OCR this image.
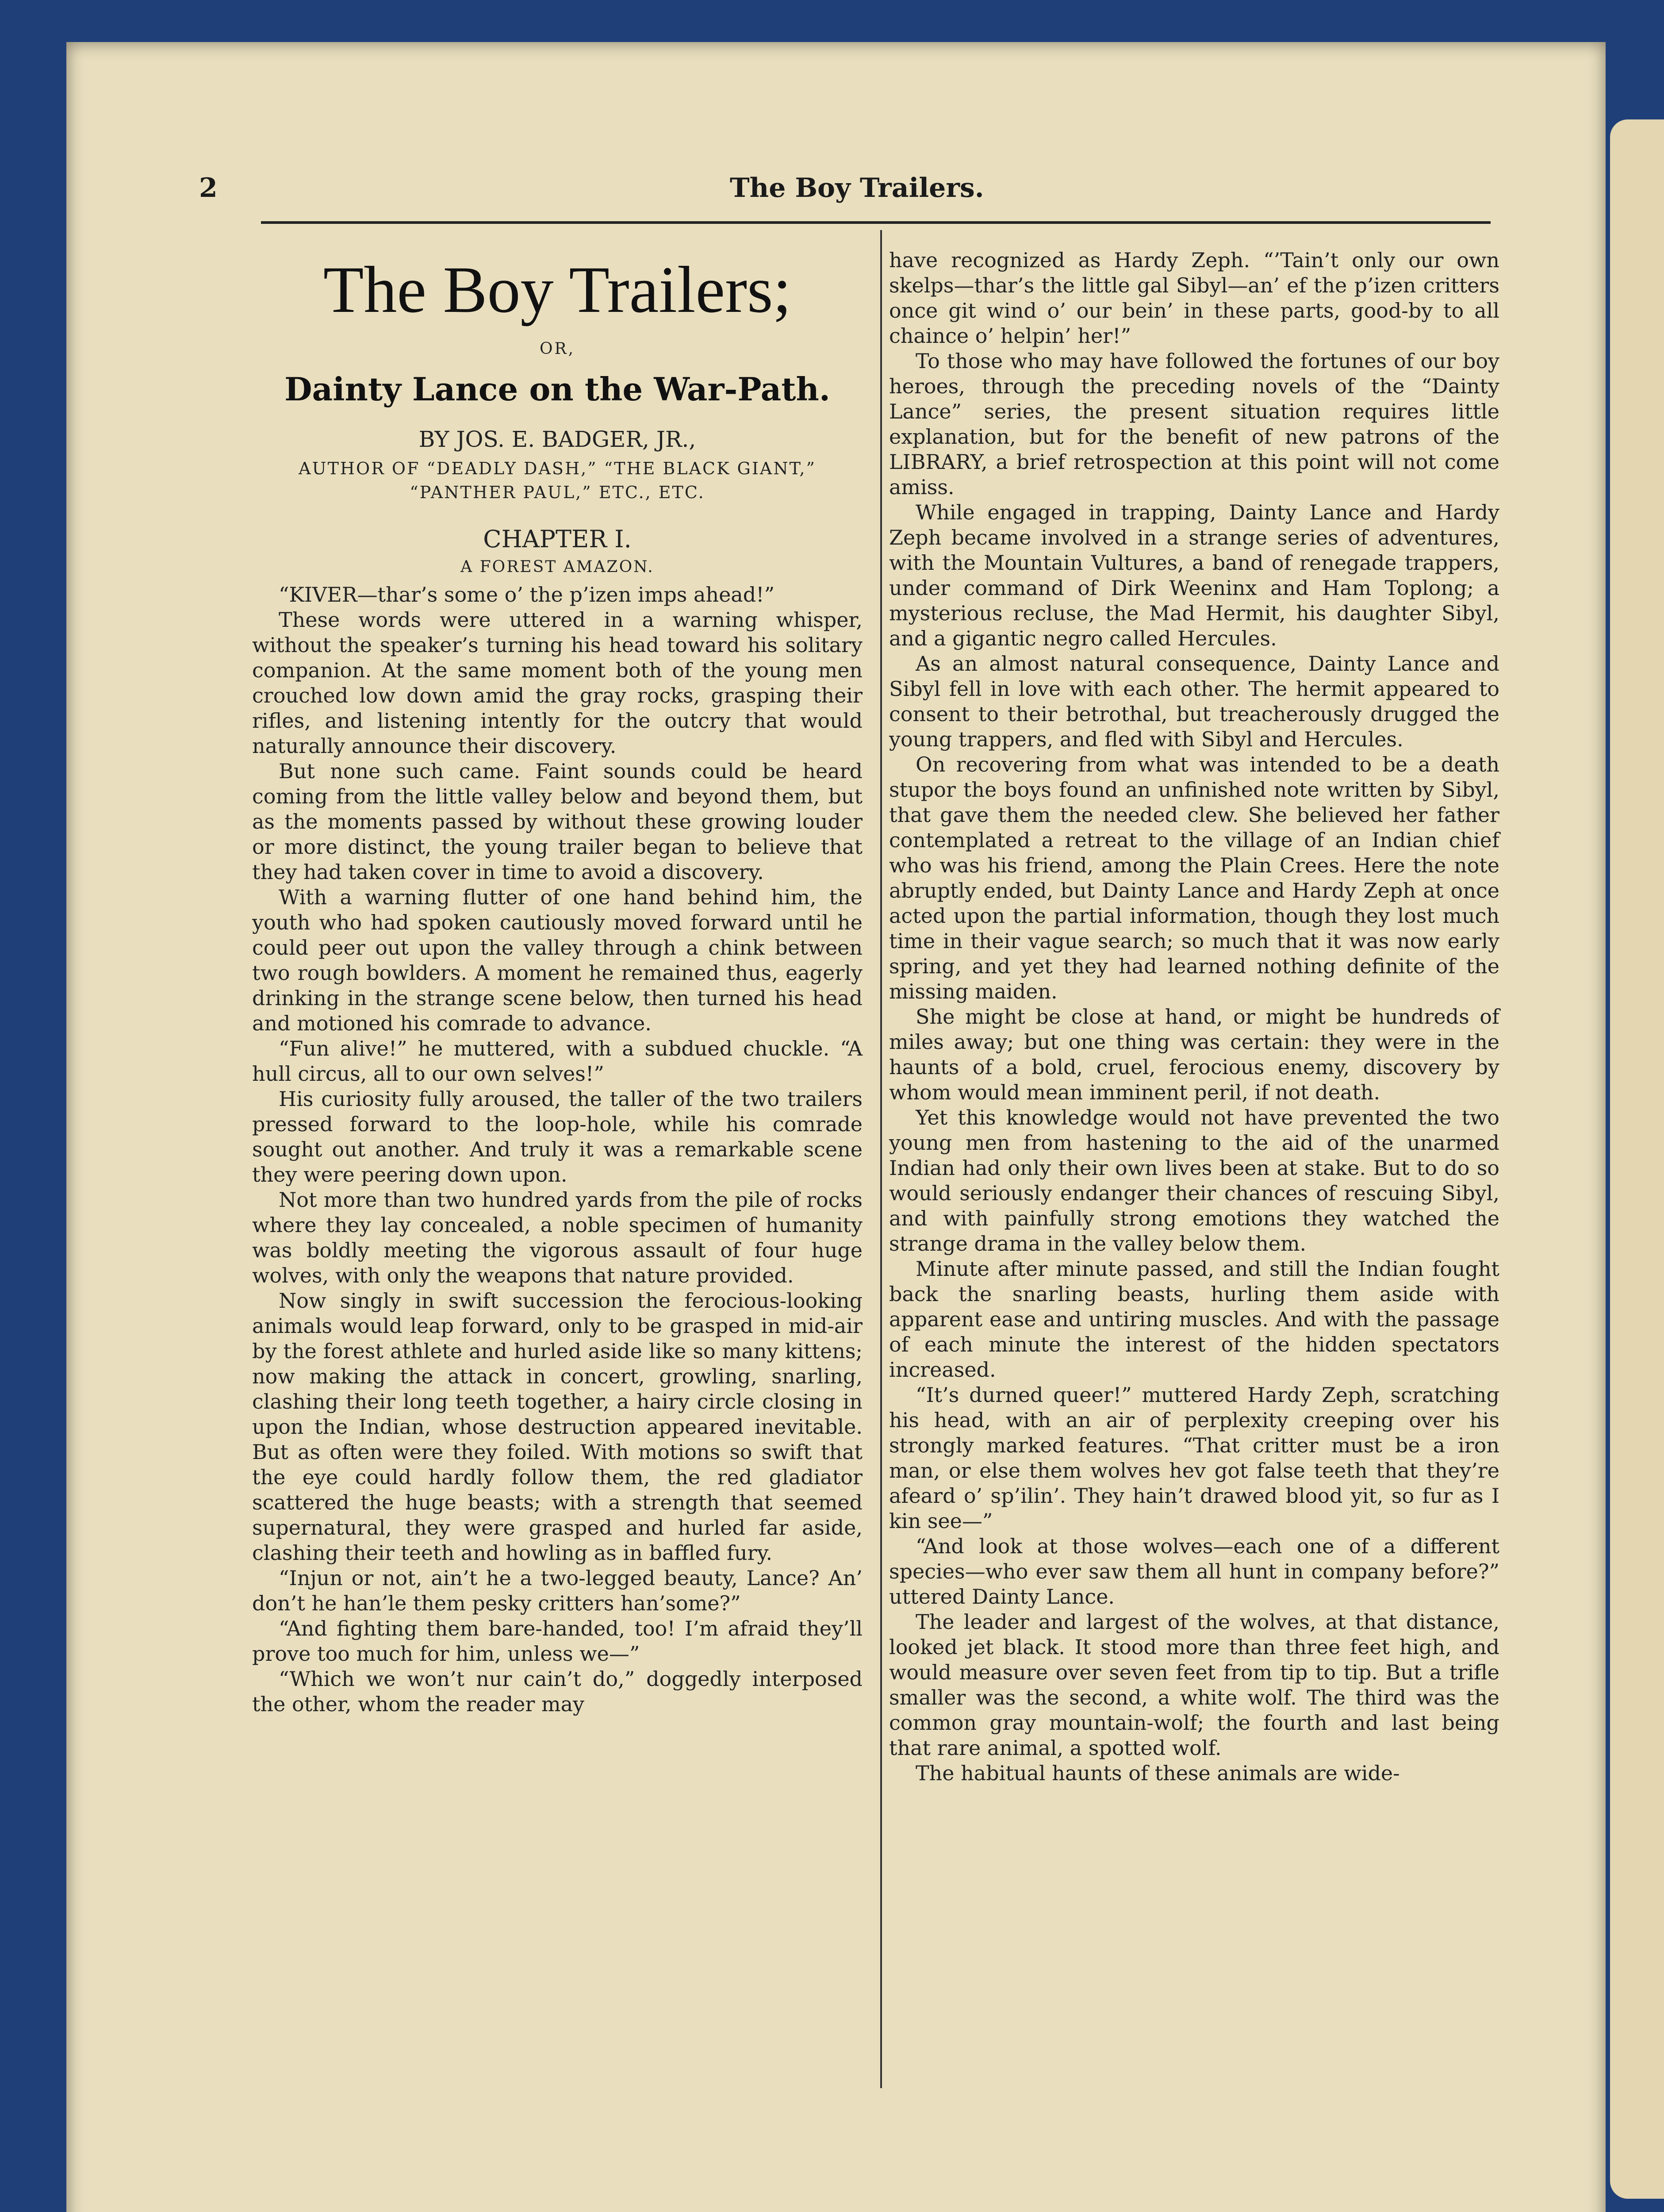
2	The Boy Trailers.
The Boy Trailers;
OR,
Dainty Lance on the War-Path.
BY JOS. E. BADGER, JR.,
AUTHOR OF “DEADLY DASH,” “THE BLACK GIANT,” “PANTHER PAUL,” ETC., ETC.
CHAPTER I.
A FOREST AMAZON.

“KIVER—thar’s some o’ the p’izen imps ahead!”

These words were uttered in a warning whisper, without the speaker’s turning his head toward his solitary companion. At the same moment both of the young men crouched low down amid the gray rocks, grasping their rifles, and listening intently for the outcry that would naturally announce their discovery.

But none such came. Faint sounds could be heard coming from the little valley below and beyond them, but as the moments passed by without these growing louder or more distinct, the young trailer began to believe that they had taken cover in time to avoid a discovery.

With a warning flutter of one hand behind him, the youth who had spoken cautiously moved forward until he could peer out upon the valley through a chink between two rough bowlders. A moment he remained thus, eagerly drinking in the strange scene below, then turned his head and motioned his comrade to advance.

“Fun alive!” he muttered, with a subdued chuckle. “A hull circus, all to our own selves!”

His curiosity fully aroused, the taller of the two trailers pressed forward to the loop-hole, while his comrade sought out another. And truly it was a remarkable scene they were peering down upon.

Not more than two hundred yards from the pile of rocks where they lay concealed, a noble specimen of humanity was boldly meeting the vigorous assault of four huge wolves, with only the weapons that nature provided.

Now singly in swift succession the ferocious-looking animals would leap forward, only to be grasped in mid-air by the forest athlete and hurled aside like so many kittens; now making the attack in concert, growling, snarling, clashing their long teeth together, a hairy circle closing in upon the Indian, whose destruction appeared inevitable. But as often were they foiled. With motions so swift that the eye could hardly follow them, the red gladiator scattered the huge beasts; with a strength that seemed supernatural, they were grasped and hurled far aside, clashing their teeth and howling as in baffled fury.

“Injun or not, ain’t he a two-legged beauty, Lance? An’ don’t he han’le them pesky critters han’some?”

“And fighting them bare-handed, too! I’m afraid they’ll prove too much for him, unless we—”

“Which we won’t nur cain’t do,” doggedly interposed the other, whom the reader may

have recognized as Hardy Zeph. “’Tain’t only our own skelps—thar’s the little gal Sibyl—an’ ef the p’izen critters once git wind o’ our bein’ in these parts, good-by to all chaince o’ helpin’ her!”

To those who may have followed the fortunes of our boy heroes, through the preceding novels of the “Dainty Lance” series, the present situation requires little explanation, but for the benefit of new patrons of the LIBRARY, a brief retrospection at this point will not come amiss.

While engaged in trapping, Dainty Lance and Hardy Zeph became involved in a strange series of adventures, with the Mountain Vultures, a band of renegade trappers, under command of Dirk Weeninx and Ham Toplong; a mysterious recluse, the Mad Hermit, his daughter Sibyl, and a gigantic negro called Hercules.

As an almost natural consequence, Dainty Lance and Sibyl fell in love with each other. The hermit appeared to consent to their betrothal, but treacherously drugged the young trappers, and fled with Sibyl and Hercules.

On recovering from what was intended to be a death stupor the boys found an unfinished note written by Sibyl, that gave them the needed clew. She believed her father contemplated a retreat to the village of an Indian chief who was his friend, among the Plain Crees. Here the note abruptly ended, but Dainty Lance and Hardy Zeph at once acted upon the partial information, though they lost much time in their vague search; so much that it was now early spring, and yet they had learned nothing definite of the missing maiden.

She might be close at hand, or might be hundreds of miles away; but one thing was certain: they were in the haunts of a bold, cruel, ferocious enemy, discovery by whom would mean imminent peril, if not death.

Yet this knowledge would not have prevented the two young men from hastening to the aid of the unarmed Indian had only their own lives been at stake. But to do so would seriously endanger their chances of rescuing Sibyl, and with painfully strong emotions they watched the strange drama in the valley below them.

Minute after minute passed, and still the Indian fought back the snarling beasts, hurling them aside with apparent ease and untiring muscles. And with the passage of each minute the interest of the hidden spectators increased.

“It’s durned queer!” muttered Hardy Zeph, scratching his head, with an air of perplexity creeping over his strongly marked features. “That critter must be a iron man, or else them wolves hev got false teeth that they’re afeard o’ sp’ilin’. They hain’t drawed blood yit, so fur as I kin see—”

“And look at those wolves—each one of a different species—who ever saw them all hunt in company before?” uttered Dainty Lance.

The leader and largest of the wolves, at that distance, looked jet black. It stood more than three feet high, and would measure over seven feet from tip to tip. But a trifle smaller was the second, a white wolf. The third was the common gray mountain-wolf; the fourth and last being that rare animal, a spotted wolf.

The habitual haunts of these animals are wide-
